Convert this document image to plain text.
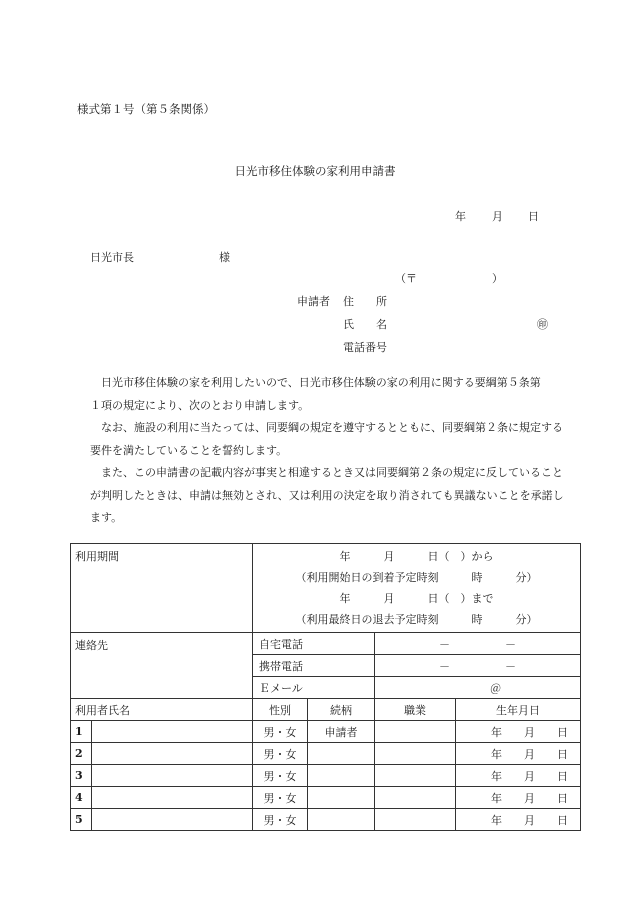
様式第１号（第５条関係）
日光市移住体験の家利用申請書
年 月 日
日光市長	様
（〒	）
申請者 住　　所
氏　　名	㊞
電話番号

日光市移住体験の家を利用したいので、日光市移住体験の家の利用に関する要綱第５条第

１項の規定により、次のとおり申請します。

なお、施設の利用に当たっては、同要綱の規定を遵守するとともに、同要綱第２条に規定する要件を満たしていることを誓約します。

また、この申請書の記載内容が事実と相違するとき又は同要綱第２条の規定に反していることが判明したときは、申請は無効とされ、又は利用の決定を取り消されても異議ないことを承諾します。

利用期間		年　　　月　　　日（　）から
（利用開始日の到着予定時刻　　　時　　　分）
年　　　月　　　日（　）まで
（利用最終日の退去予定時刻　　　時　　　分）			

連絡先		自宅電話		－　　　　　－	
		携帯電話		－　　　　　－	
		Ｅメール		＠	
利用者氏名		性別	続柄	職業	生年月日
1		男・女	申請者		年　　月　　日
2		男・女			年　　月　　日
3		男・女			年　　月　　日
4		男・女			年　　月　　日
5		男・女			年　　月　　日
